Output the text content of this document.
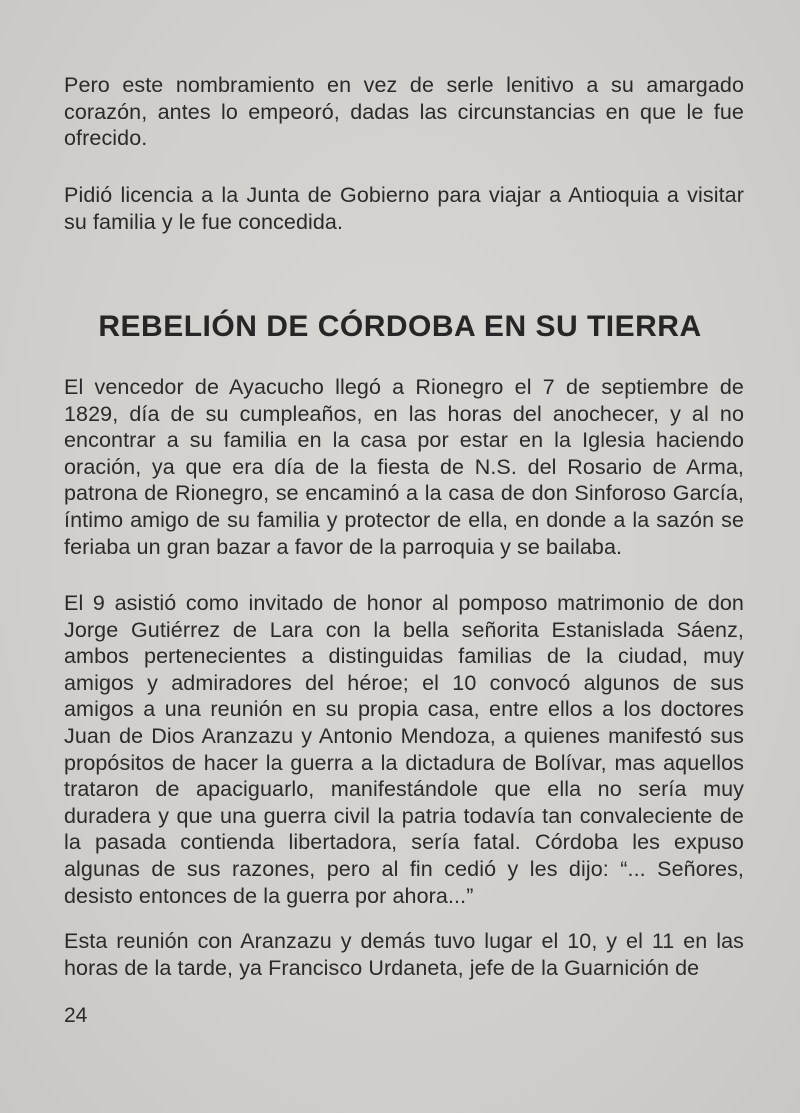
Pero este nombramiento en vez de serle lenitivo a su amargado corazón, antes lo empeoró, dadas las circunstancias en que le fue ofrecido.

Pidió licencia a la Junta de Gobierno para viajar a Antioquia a visitar su familia y le fue concedida.

REBELIÓN DE CÓRDOBA EN SU TIERRA

El vencedor de Ayacucho llegó a Rionegro el 7 de septiembre de 1829, día de su cumpleaños, en las horas del anochecer, y al no encontrar a su familia en la casa por estar en la Iglesia haciendo oración, ya que era día de la fiesta de N.S. del Rosario de Arma, patrona de Rionegro, se encaminó a la casa de don Sinforoso García, íntimo amigo de su familia y protector de ella, en donde a la sazón se feriaba un gran bazar a favor de la parroquia y se bailaba.

El 9 asistió como invitado de honor al pomposo matrimonio de don Jorge Gutiérrez de Lara con la bella señorita Estanislada Sáenz, ambos pertenecientes a distinguidas familias de la ciudad, muy amigos y admiradores del héroe; el 10 convocó algunos de sus amigos a una reunión en su propia casa, entre ellos a los doctores Juan de Dios Aranzazu y Antonio Mendoza, a quienes manifestó sus propósitos de hacer la guerra a la dictadura de Bolívar, mas aquellos trataron de apaciguarlo, manifestándole que ella no sería muy duradera y que una guerra civil la patria todavía tan convaleciente de la pasada contienda libertadora, sería fatal. Córdoba les expuso algunas de sus razones, pero al fin cedió y les dijo: “... Señores, desisto entonces de la guerra por ahora...”

Esta reunión con Aranzazu y demás tuvo lugar el 10, y el 11 en las horas de la tarde, ya Francisco Urdaneta, jefe de la Guarnición de

24
